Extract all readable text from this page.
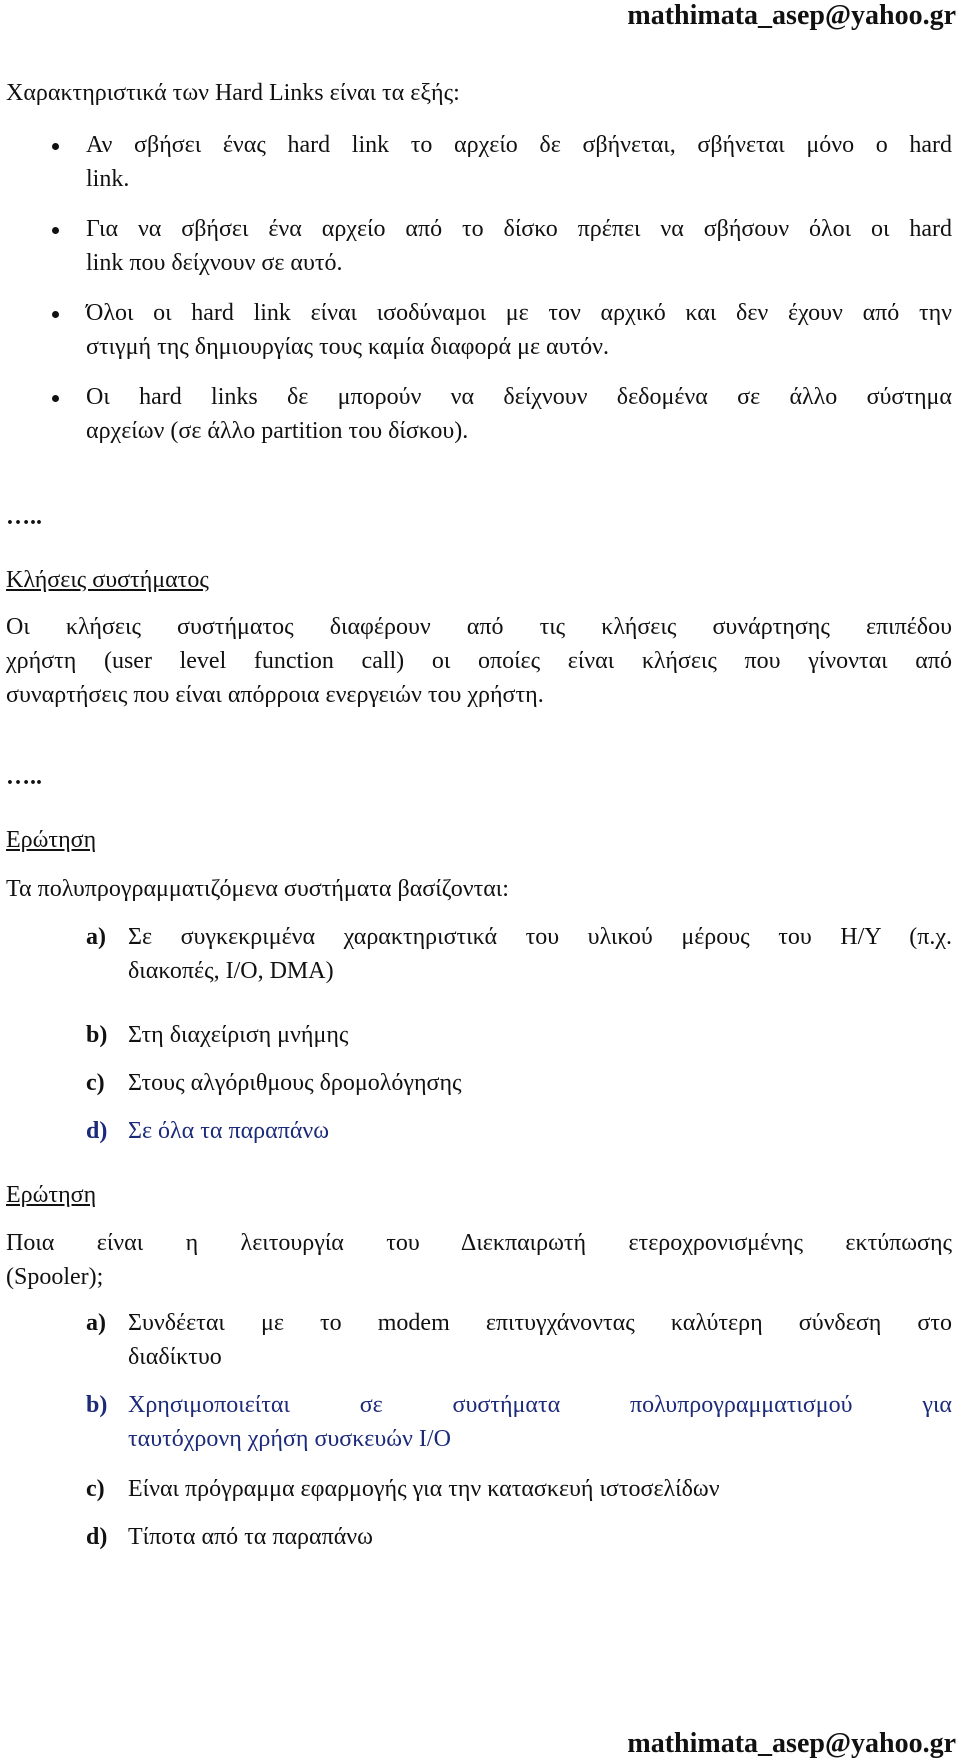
mathimata_asep@yahoo.gr
Χαρακτηριστικά των Hard Links είναι τα εξής:
Αν σβήσει ένας hard link το αρχείο δε σβήνεται, σβήνεται μόνο ο hard
link.
Για να σβήσει ένα αρχείο από το δίσκο πρέπει να σβήσουν όλοι οι hard
link που δείχνουν σε αυτό.
Όλοι οι hard link είναι ισοδύναμοι με τον αρχικό και δεν έχουν από την
στιγμή της δημιουργίας τους καμία διαφορά με αυτόν.
Οι hard links δε μπορούν να δείχνουν δεδομένα σε άλλο σύστημα
αρχείων (σε άλλο partition του δίσκου).
…..
Κλήσεις συστήματος
Οι κλήσεις συστήματος διαφέρουν από τις κλήσεις συνάρτησης επιπέδου
χρήστη (user level function call) οι οποίες είναι κλήσεις που γίνονται από
συναρτήσεις που είναι απόρροια ενεργειών του χρήστη.
…..
Ερώτηση
Τα πολυπρογραμματιζόμενα συστήματα βασίζονται:
a) Σε συγκεκριμένα χαρακτηριστικά του υλικού μέρους του Η/Υ (π.χ.
διακοπές, I/O, DMA)
b) Στη διαχείριση μνήμης
c) Στους αλγόριθμους δρομολόγησης
d) Σε όλα τα παραπάνω
Ερώτηση
Ποια είναι η λειτουργία του Διεκπαιρωτή ετεροχρονισμένης εκτύπωσης
(Spooler);
a) Συνδέεται με το modem επιτυγχάνοντας καλύτερη σύνδεση στο
διαδίκτυο
b) Χρησιμοποιείται σε συστήματα πολυπρογραμματισμού για
ταυτόχρονη χρήση συσκευών I/O
c) Είναι πρόγραμμα εφαρμογής για την κατασκευή ιστοσελίδων
d) Τίποτα από τα παραπάνω
mathimata_asep@yahoo.gr
